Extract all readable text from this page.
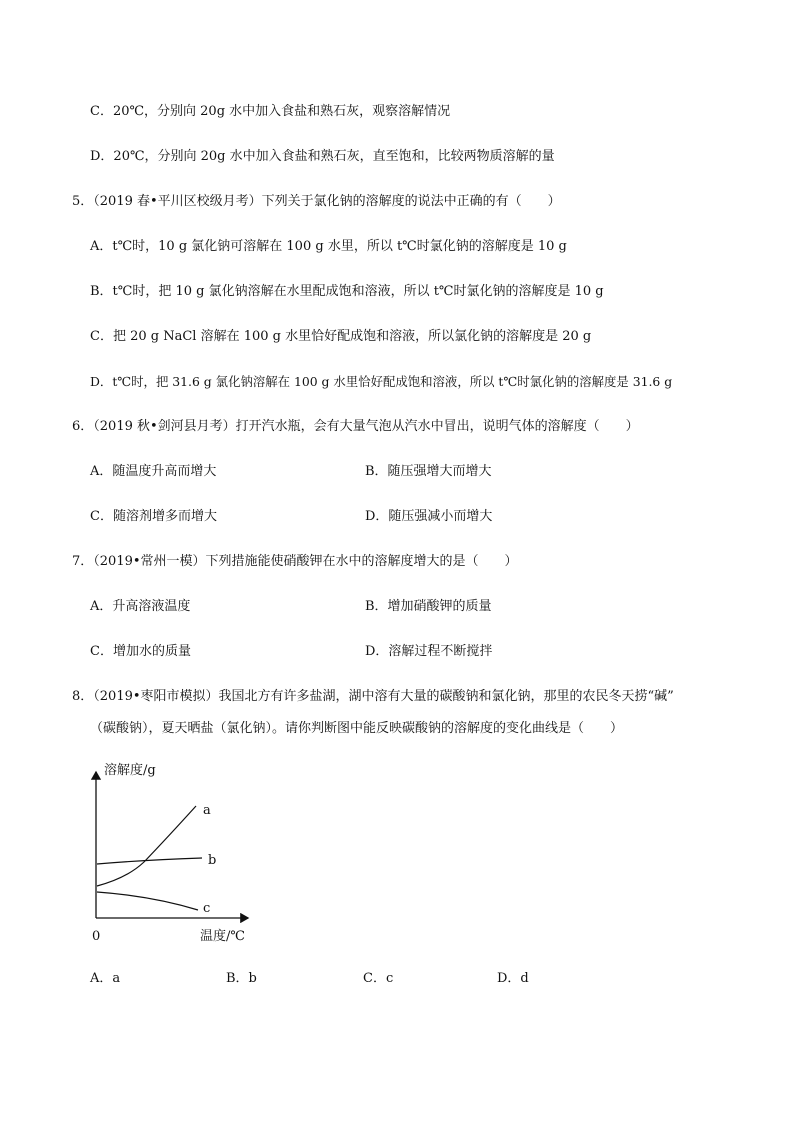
C．20℃，分别向 20g 水中加入食盐和熟石灰，观察溶解情况
D．20℃，分别向 20g 水中加入食盐和熟石灰，直至饱和，比较两物质溶解的量
5．（2019 春•平川区校级月考）下列关于氯化钠的溶解度的说法中正确的有（　　）
A．t℃时，10 g 氯化钠可溶解在 100 g 水里，所以 t℃时氯化钠的溶解度是 10 g
B．t℃时，把 10 g 氯化钠溶解在水里配成饱和溶液，所以 t℃时氯化钠的溶解度是 10 g
C．把 20 g NaCl 溶解在 100 g 水里恰好配成饱和溶液，所以氯化钠的溶解度是 20 g
D．t℃时，把 31.6 g 氯化钠溶解在 100 g 水里恰好配成饱和溶液，所以 t℃时氯化钠的溶解度是 31.6 g
6．（2019 秋•剑河县月考）打开汽水瓶，会有大量气泡从汽水中冒出，说明气体的溶解度（　　）
A．随温度升高而增大	B．随压强增大而增大
C．随溶剂增多而增大	D．随压强减小而增大
7．（2019•常州一模）下列措施能使硝酸钾在水中的溶解度增大的是（　　）
A．升高溶液温度	B．增加硝酸钾的质量
C．增加水的质量	D．溶解过程不断搅拌
8．（2019•枣阳市模拟）我国北方有许多盐湖，湖中溶有大量的碳酸钠和氯化钠，那里的农民冬天捞“碱”
（碳酸钠），夏天晒盐（氯化钠）。请你判断图中能反映碳酸钠的溶解度的变化曲线是（　　）
溶解度/g
温度/℃
0
a
b
c
A．a	B．b	C．c	D．d
